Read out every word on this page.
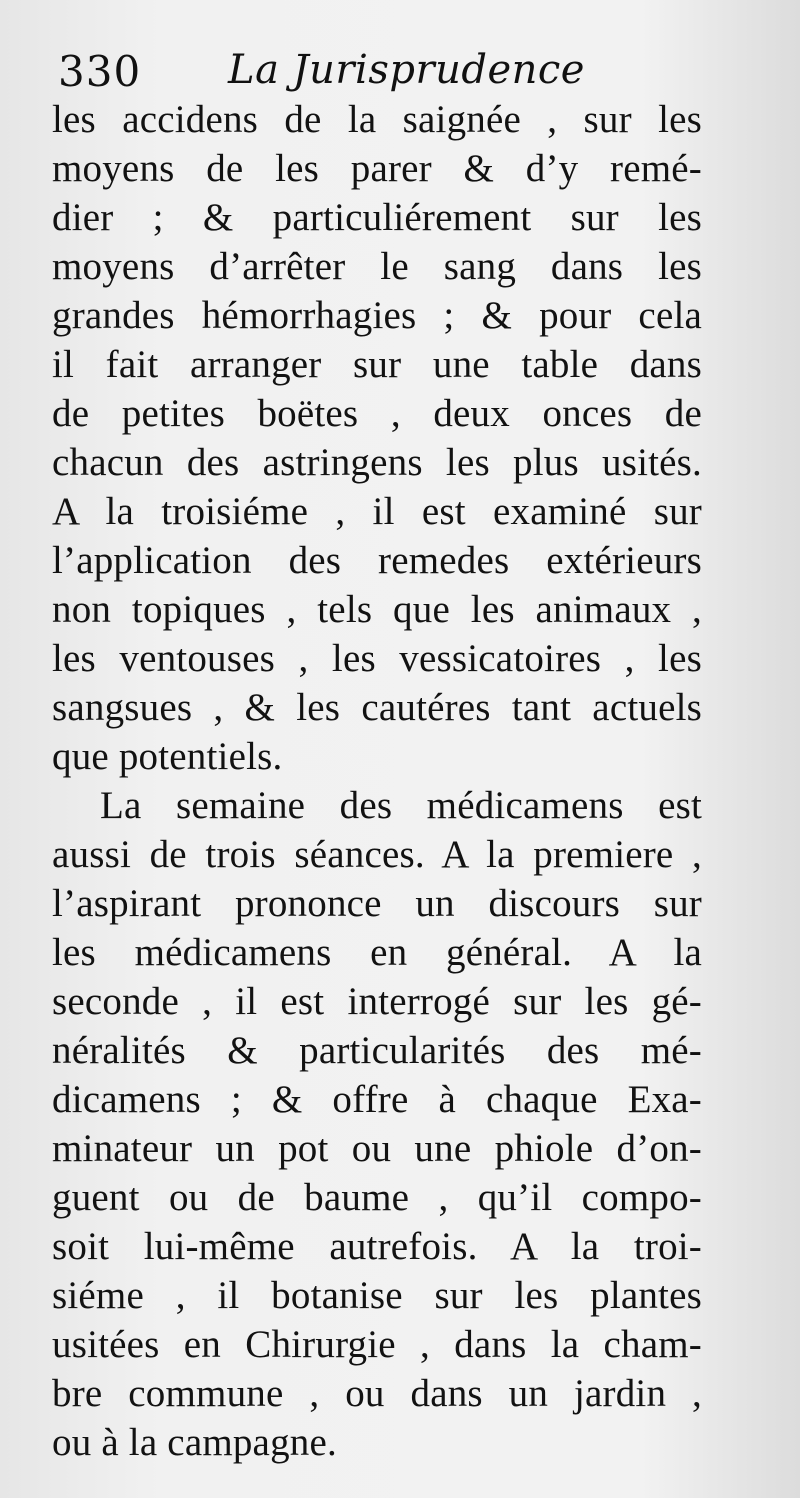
330 La Jurisprudence
les accidens de la saignée , sur les
moyens de les parer & d’y remé-
dier ; & particuliérement sur les
moyens d’arrêter le sang dans les
grandes hémorrhagies ; & pour cela
il fait arranger sur une table dans
de petites boëtes , deux onces de
chacun des astringens les plus usités.
A la troisiéme , il est examiné sur
l’application des remedes extérieurs
non topiques , tels que les animaux ,
les ventouses , les vessicatoires , les
sangsues , & les cautéres tant actuels
que potentiels.
La semaine des médicamens est
aussi de trois séances. A la premiere ,
l’aspirant prononce un discours sur
les médicamens en général. A la
seconde , il est interrogé sur les gé-
néralités & particularités des mé-
dicamens ; & offre à chaque Exa-
minateur un pot ou une phiole d’on-
guent ou de baume , qu’il compo-
soit lui-même autrefois. A la troi-
siéme , il botanise sur les plantes
usitées en Chirurgie , dans la cham-
bre commune , ou dans un jardin ,
ou à la campagne.
